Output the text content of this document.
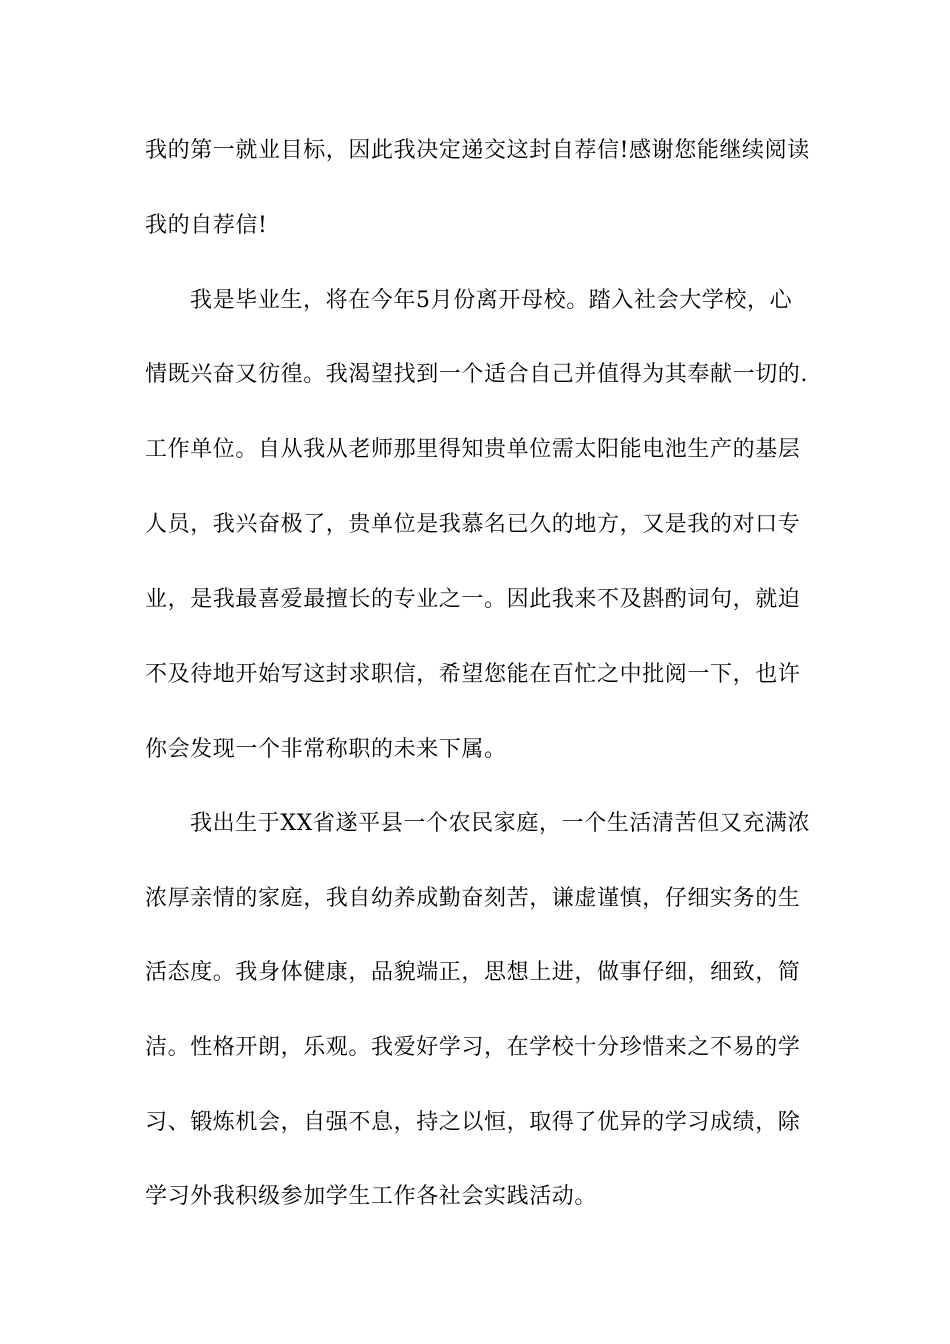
我的第一就业目标，因此我决定递交这封自荐信!感谢您能继续阅读
我的自荐信!
我是毕业生，将在今年5月份离开母校。踏入社会大学校，心
情既兴奋又彷徨。我渴望找到一个适合自己并值得为其奉献一切的.
工作单位。自从我从老师那里得知贵单位需太阳能电池生产的基层
人员，我兴奋极了，贵单位是我慕名已久的地方，又是我的对口专
业，是我最喜爱最擅长的专业之一。因此我来不及斟酌词句，就迫
不及待地开始写这封求职信，希望您能在百忙之中批阅一下，也许
你会发现一个非常称职的未来下属。
我出生于XX省遂平县一个农民家庭，一个生活清苦但又充满浓
浓厚亲情的家庭，我自幼养成勤奋刻苦，谦虚谨慎，仔细实务的生
活态度。我身体健康，品貌端正，思想上进，做事仔细，细致，简
洁。性格开朗，乐观。我爱好学习，在学校十分珍惜来之不易的学
习、锻炼机会，自强不息，持之以恒，取得了优异的学习成绩，除
学习外我积级参加学生工作各社会实践活动。
